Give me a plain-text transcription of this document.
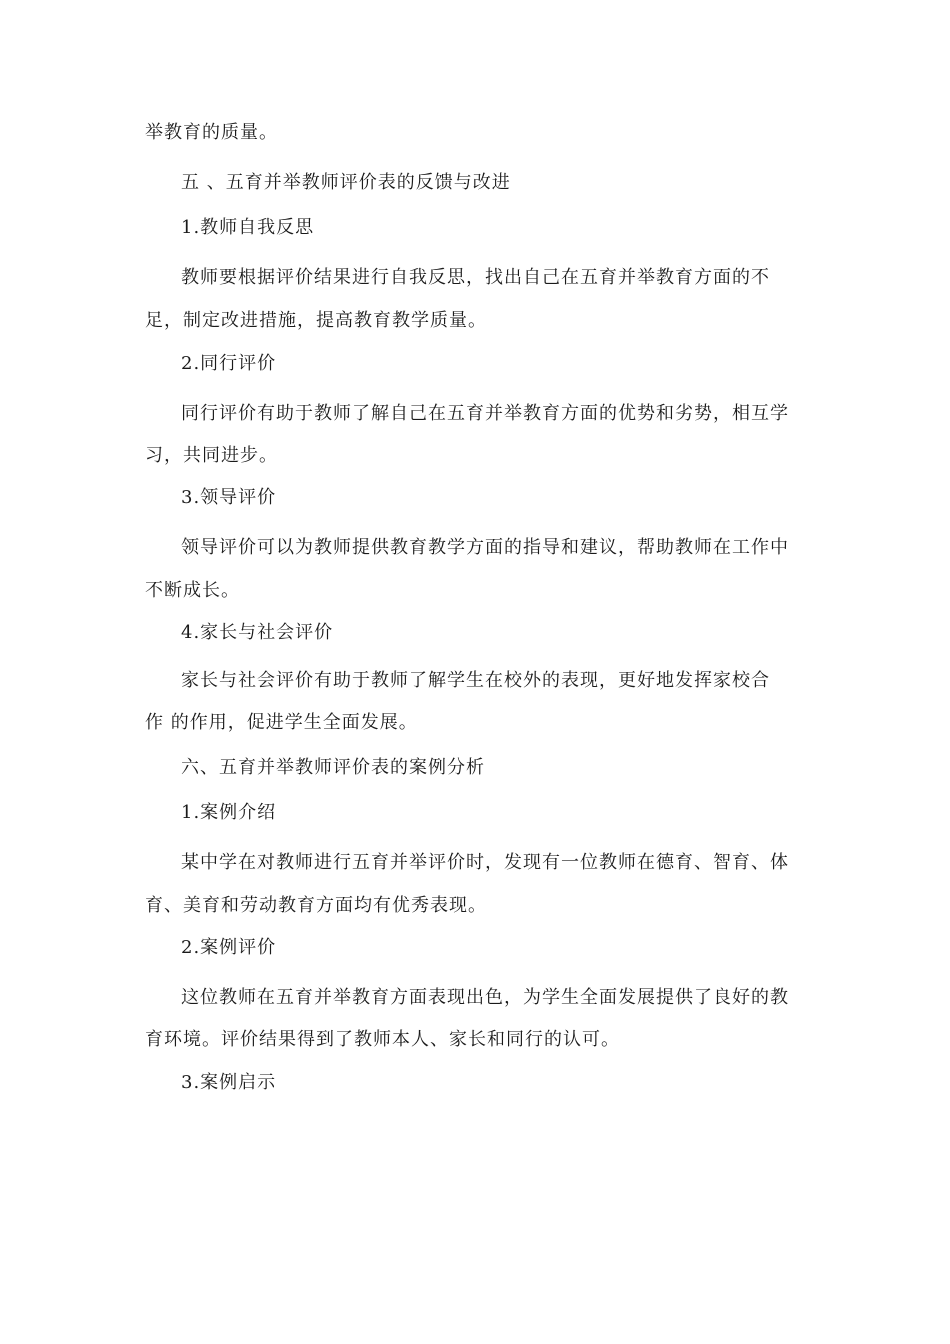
举教育的质量。
五 、五育并举教师评价表的反馈与改进
1.教师自我反思
教师要根据评价结果进行自我反思，找出自己在五育并举教育方面的不
足，制定改进措施，提高教育教学质量。
2.同行评价
同行评价有助于教师了解自己在五育并举教育方面的优势和劣势，相互学
习，共同进步。
3.领导评价
领导评价可以为教师提供教育教学方面的指导和建议，帮助教师在工作中
不断成长。
4.家长与社会评价
家长与社会评价有助于教师了解学生在校外的表现，更好地发挥家校合
作 的作用，促进学生全面发展。
六、五育并举教师评价表的案例分析
1.案例介绍
某中学在对教师进行五育并举评价时，发现有一位教师在德育、智育、体
育、美育和劳动教育方面均有优秀表现。
2.案例评价
这位教师在五育并举教育方面表现出色，为学生全面发展提供了良好的教
育环境。评价结果得到了教师本人、家长和同行的认可。
3.案例启示
